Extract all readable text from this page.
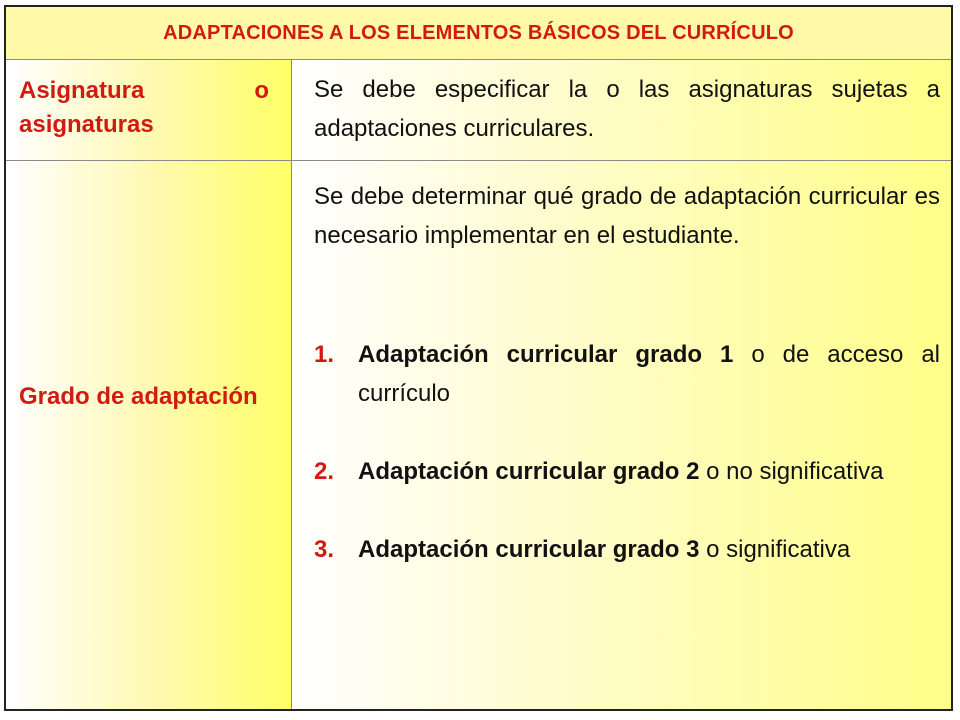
ADAPTACIONES A LOS ELEMENTOS BÁSICOS DEL CURRÍCULO
Asignatura o asignaturas
Se debe especificar la o las asignaturas sujetas a adaptaciones curriculares.
Grado de adaptación
Se debe determinar qué grado de adaptación curricular es necesario implementar en el estudiante.
1. Adaptación curricular grado 1 o de acceso al currículo
2. Adaptación curricular grado 2 o no significativa
3. Adaptación curricular grado 3 o significativa
